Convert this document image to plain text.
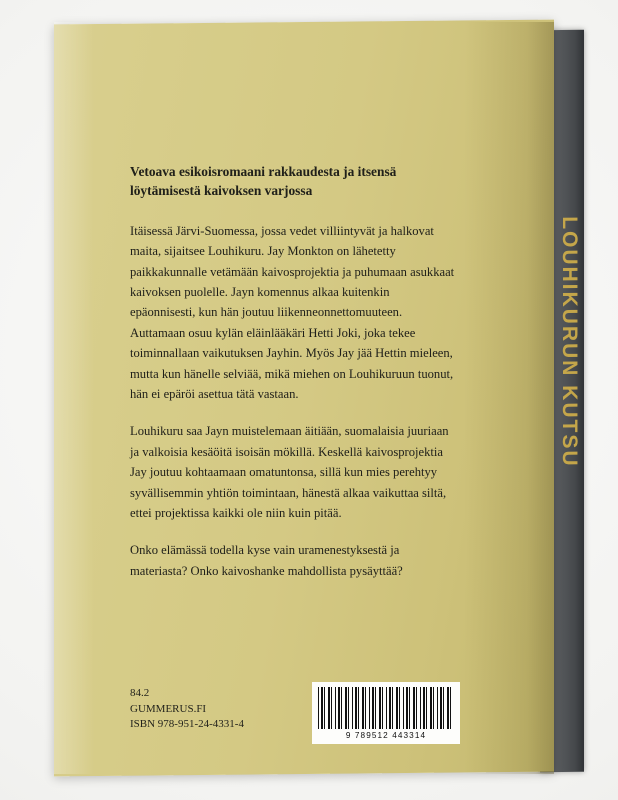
LOUHIKURUN KUTSU

Vetoava esikoisromaani rakkaudesta ja itsensä löytämisestä kaivoksen varjossa

Itäisessä Järvi-Suomessa, jossa vedet villiintyvät ja halkovat maita, sijaitsee Louhikuru. Jay Monkton on lähetetty paikkakunnalle vetämään kaivosprojektia ja puhumaan asukkaat kaivoksen puolelle. Jayn komennus alkaa kuitenkin epäonnisesti, kun hän joutuu liikenneonnettomuuteen. Auttamaan osuu kylän eläinlääkäri Hetti Joki, joka tekee toiminnallaan vaikutuksen Jayhin. Myös Jay jää Hettin mieleen, mutta kun hänelle selviää, mikä miehen on Louhikuruun tuonut, hän ei epäröi asettua tätä vastaan.

Louhikuru saa Jayn muistelemaan äitiään, suomalaisia juuriaan ja valkoisia kesäöitä isoisän mökillä. Keskellä kaivosprojektia Jay joutuu kohtaamaan omatuntonsa, sillä kun mies perehtyy syvällisemmin yhtiön toimintaan, hänestä alkaa vaikuttaa siltä, ettei projektissa kaikki ole niin kuin pitää.

Onko elämässä todella kyse vain uramenestyksestä ja materiasta? Onko kaivoshanke mahdollista pysäyttää?

84.2
GUMMERUS.FI
ISBN 978-951-24-4331-4
9 789512 443314
